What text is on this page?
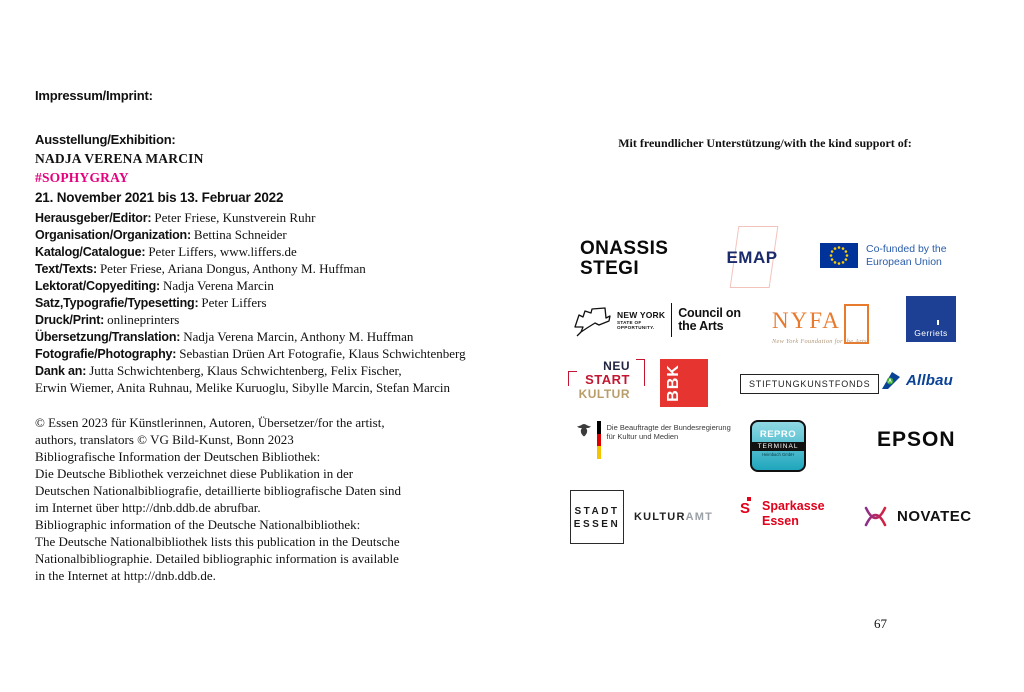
Impressum/Imprint:
Ausstellung/Exhibition:
NADJA VERENA MARCIN
#SOPHYGRAY
21. November 2021 bis 13. Februar 2022
Herausgeber/Editor: Peter Friese, Kunstverein Ruhr
Organisation/Organization: Bettina Schneider
Katalog/Catalogue: Peter Liffers, www.liffers.de
Text/Texts: Peter Friese, Ariana Dongus, Anthony M. Huffman
Lektorat/Copyediting: Nadja Verena Marcin
Satz,Typografie/Typesetting: Peter Liffers
Druck/Print: onlineprinters
Übersetzung/Translation: Nadja Verena Marcin, Anthony M. Huffman
Fotografie/Photography: Sebastian Drüen Art Fotografie, Klaus Schwichtenberg
Dank an: Jutta Schwichtenberg, Klaus Schwichtenberg, Felix Fischer,
Erwin Wiemer, Anita Ruhnau, Melike Kuruoglu, Sibylle Marcin, Stefan Marcin
© Essen 2023 für Künstlerinnen, Autoren, Übersetzer/for the artist,
authors, translators © VG Bild-Kunst, Bonn 2023
Bibliografische Information der Deutschen Bibliothek:
Die Deutsche Bibliothek verzeichnet diese Publikation in der
Deutschen Nationalbibliografie, detaillierte bibliografische Daten sind
im Internet über http://dnb.ddb.de abrufbar.
Bibliographic information of the Deutsche Nationalbibliothek:
The Deutsche Nationalbibliothek lists this publication in the Deutsche
Nationalbibliographie. Detailed bibliographic information is available
in the Internet at http://dnb.ddb.de.
Mit freundlicher Unterstützung/with the kind support of:
ONASSIS
STEGI
EMAP	Co-funded by the
European Union
NEW YORK
STATE OF
OPPORTUNITY.
Council on
the Arts	NYFA
New York Foundation for the Arts
Gerriets
NEU
START
KULTUR BBK	STIFTUNGKUNSTFONDS	Allbau
Die Beauftragte der Bundesregierung
für Kultur und Medien	REPRO
TERMINAL
Heimbach GmbH
EPSON
STADT
ESSEN
KULTURAMT S Sparkasse
Essen	NOVATEC
67
